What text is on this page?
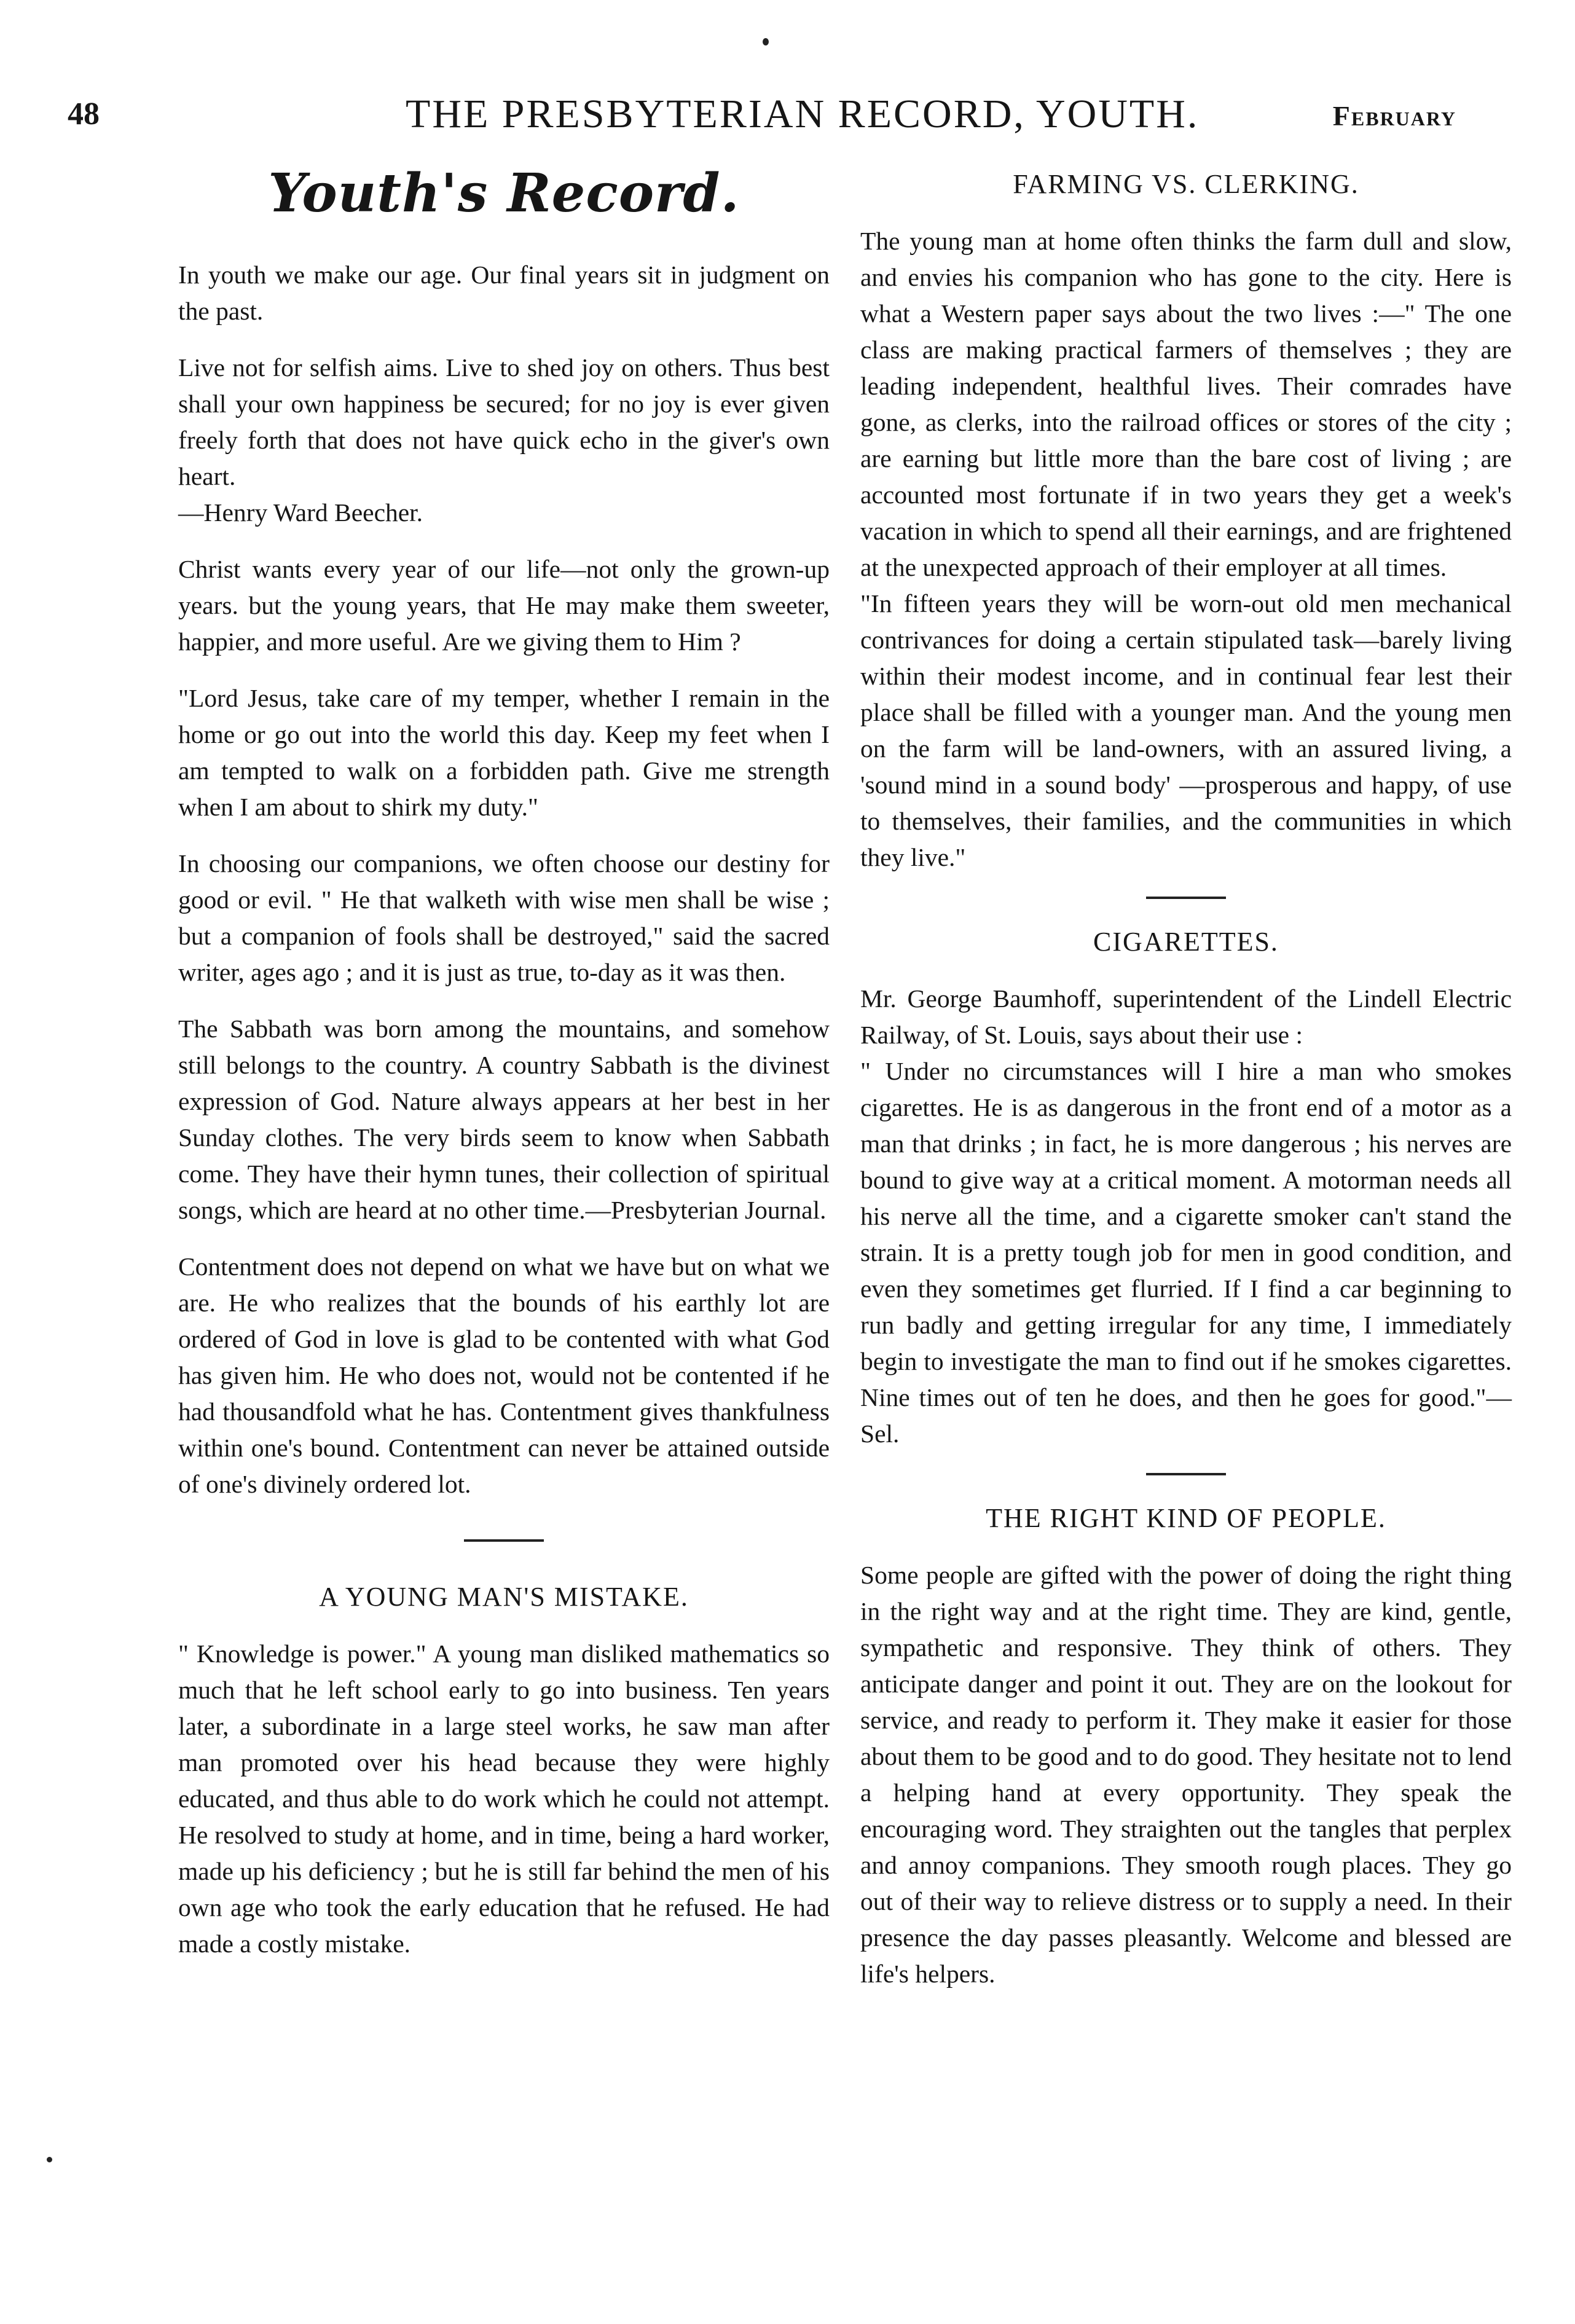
48	THE PRESBYTERIAN RECORD, YOUTH.	February
Youth's Record.

In youth we make our age. Our final years sit in judgment on the past.

Live not for selfish aims. Live to shed joy on others. Thus best shall your own happiness be secured; for no joy is ever given freely forth that does not have quick echo in the giver's own heart.

—Henry Ward Beecher.

Christ wants every year of our life—not only the grown-up years. but the young years, that He may make them sweeter, happier, and more useful. Are we giving them to Him ?

"Lord Jesus, take care of my temper, whether I remain in the home or go out into the world this day. Keep my feet when I am tempted to walk on a forbidden path. Give me strength when I am about to shirk my duty."

In choosing our companions, we often choose our destiny for good or evil. " He that walketh with wise men shall be wise ; but a companion of fools shall be destroyed," said the sacred writer, ages ago ; and it is just as true, to-day as it was then.

The Sabbath was born among the mountains, and somehow still belongs to the country. A country Sabbath is the divinest expression of God. Nature always appears at her best in her Sunday clothes. The very birds seem to know when Sabbath come. They have their hymn tunes, their collection of spiritual songs, which are heard at no other time.—Presbyterian Journal.

Contentment does not depend on what we have but on what we are. He who realizes that the bounds of his earthly lot are ordered of God in love is glad to be contented with what God has given him. He who does not, would not be contented if he had thousandfold what he has. Contentment gives thankfulness within one's bound. Contentment can never be attained outside of one's divinely ordered lot.

A YOUNG MAN'S MISTAKE.

" Knowledge is power." A young man disliked mathematics so much that he left school early to go into business. Ten years later, a subordinate in a large steel works, he saw man after man promoted over his head because they were highly educated, and thus able to do work which he could not attempt. He resolved to study at home, and in time, being a hard worker, made up his deficiency ; but he is still far behind the men of his own age who took the early education that he refused. He had made a costly mistake.

FARMING VS. CLERKING.

The young man at home often thinks the farm dull and slow, and envies his companion who has gone to the city. Here is what a Western paper says about the two lives :—" The one class are making practical farmers of themselves ; they are leading independent, healthful lives. Their comrades have gone, as clerks, into the railroad offices or stores of the city ; are earning but little more than the bare cost of living ; are accounted most fortunate if in two years they get a week's vacation in which to spend all their earnings, and are frightened at the unexpected approach of their employer at all times.

"In fifteen years they will be worn-out old men mechanical contrivances for doing a certain stipulated task—barely living within their modest income, and in continual fear lest their place shall be filled with a younger man. And the young men on the farm will be land-owners, with an assured living, a 'sound mind in a sound body' —prosperous and happy, of use to themselves, their families, and the communities in which they live."

CIGARETTES.

Mr. George Baumhoff, superintendent of the Lindell Electric Railway, of St. Louis, says about their use :

" Under no circumstances will I hire a man who smokes cigarettes. He is as dangerous in the front end of a motor as a man that drinks ; in fact, he is more dangerous ; his nerves are bound to give way at a critical moment. A motorman needs all his nerve all the time, and a cigarette smoker can't stand the strain. It is a pretty tough job for men in good condition, and even they sometimes get flurried. If I find a car beginning to run badly and getting irregular for any time, I immediately begin to investigate the man to find out if he smokes cigarettes. Nine times out of ten he does, and then he goes for good."—Sel.

THE RIGHT KIND OF PEOPLE.

Some people are gifted with the power of doing the right thing in the right way and at the right time. They are kind, gentle, sympathetic and responsive. They think of others. They anticipate danger and point it out. They are on the lookout for service, and ready to perform it. They make it easier for those about them to be good and to do good. They hesitate not to lend a helping hand at every opportunity. They speak the encouraging word. They straighten out the tangles that perplex and annoy companions. They smooth rough places. They go out of their way to relieve distress or to supply a need. In their presence the day passes pleasantly. Welcome and blessed are life's helpers.
